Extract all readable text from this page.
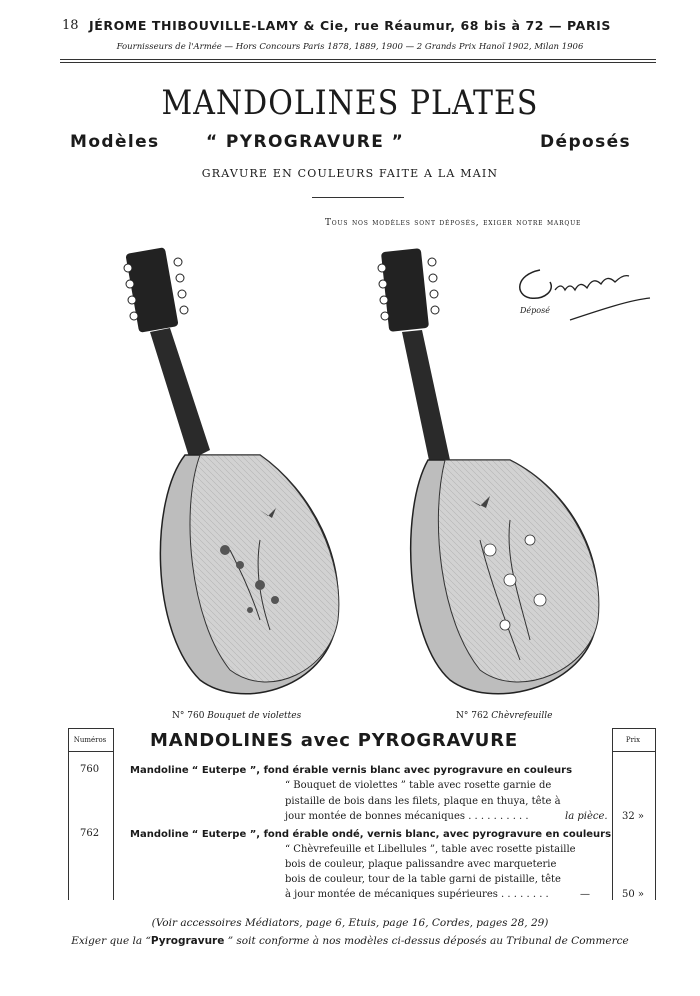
18 JÉROME THIBOUVILLE-LAMY & Cie, rue Réaumur, 68 bis à 72 — PARIS
Fournisseurs de l'Armée — Hors Concours Paris 1878, 1889, 1900 — 2 Grands Prix Hanoï 1902, Milan 1906
MANDOLINES PLATES
Modèles	“ PYROGRAVURE ”	Déposés
GRAVURE EN COULEURS FAITE A LA MAIN
Tous nos modèles sont déposés, exiger notre marque
Déposé
N° 760 Bouquet de violettes	N° 762 Chèvrefeuille
Numéros	Prix
MANDOLINES avec PYROGRAVURE
760	Mandoline “ Euterpe ”, fond érable vernis blanc avec pyrogravure en couleurs
“ Bouquet de violettes ” table avec rosette garnie de
pistaille de bois dans les filets, plaque en thuya, tête à
jour montée de bonnes mécaniques . . . . . . . . . .	la pièce. 32 »
762	Mandoline “ Euterpe ”, fond érable ondé, vernis blanc, avec pyrogravure en couleurs
“ Chèvrefeuille et Libellules ”, table avec rosette pistaille
bois de couleur, plaque palissandre avec marqueterie
bois de couleur, tour de la table garni de pistaille, tête
à jour montée de mécaniques supérieures . . . . . . . .	—	50 »
(Voir accessoires Médiators, page 6, Etuis, page 16, Cordes, pages 28, 29)
Exiger que la “Pyrogravure ” soit conforme à nos modèles ci-dessus déposés au Tribunal de Commerce
